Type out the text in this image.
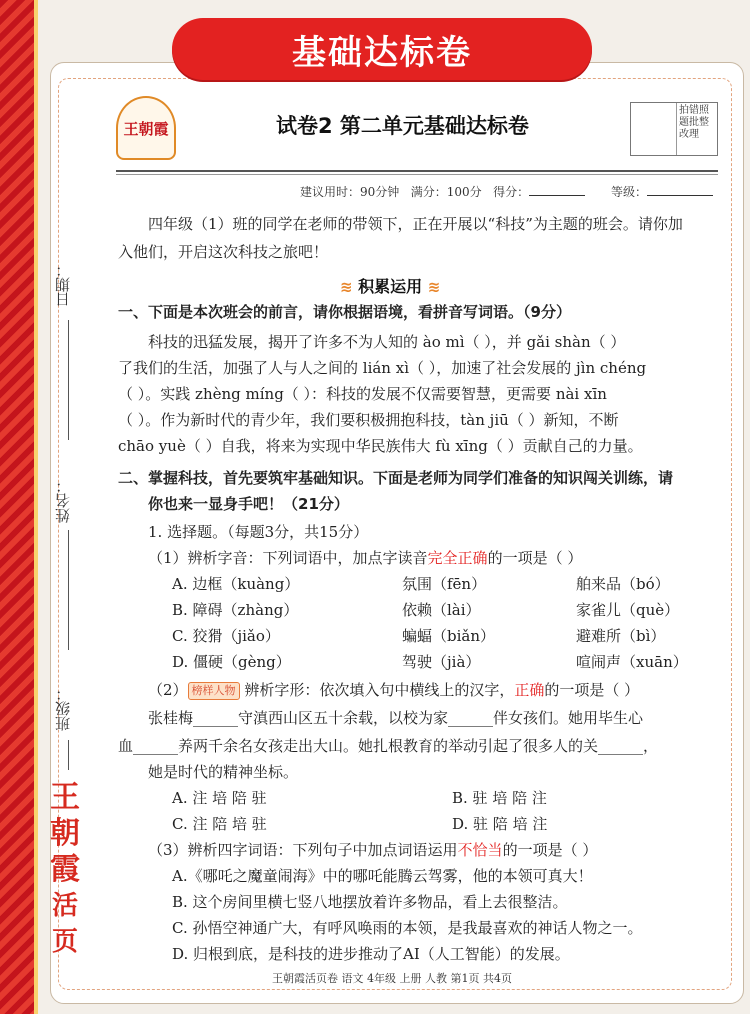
基础达标卷
日期：
姓名：
班级：
王
朝
霞
活
页
王朝霞	试卷2 第二单元基础达标卷
拍错照题批整改理
建议用时：90分钟 满分：100分 得分：	等级：
四年级（1）班的同学在老师的带领下，正在开展以“科技”为主题的班会。请你加
入他们，开启这次科技之旅吧！
≋ 积累运用 ≋
一、下面是本次班会的前言，请你根据语境，看拼音写词语。（9分）
科技的迅猛发展，揭开了许多不为人知的 ào mì（ ），并 gǎi shàn（ ）
了我们的生活，加强了人与人之间的 lián xì（ ），加速了社会发展的 jìn chéng
（ ）。实践 zhèng míng（ ）：科技的发展不仅需要智慧，更需要 nài xīn
（ ）。作为新时代的青少年，我们要积极拥抱科技，tàn jiū（ ）新知，不断
chāo yuè（ ）自我，将来为实现中华民族伟大 fù xīng（ ）贡献自己的力量。
二、掌握科技，首先要筑牢基础知识。下面是老师为同学们准备的知识闯关训练，请
你也来一显身手吧！（21分）
1. 选择题。（每题3分，共15分）
（1）辨析字音：下列词语中，加点字读音完全正确的一项是（ ）
A. 边框（kuàng）	氛围（fēn）	舶来品（bó）
B. 障碍（zhàng）	依赖（lài）	家雀儿（què）
C. 狡猾（jiǎo）	蝙蝠（biǎn）	避难所（bì）
D. 僵硬（gèng）	驾驶（jià）	喧闹声（xuān）
（2） 榜样人物 辨析字形：依次填入句中横线上的汉字，正确的一项是（ ）
张桂梅______守滇西山区五十余载，以校为家______伴女孩们。她用毕生心
血______养两千余名女孩走出大山。她扎根教育的举动引起了很多人的关______，
她是时代的精神坐标。
A. 注 培 陪 驻	B. 驻 培 陪 注
C. 注 陪 培 驻	D. 驻 陪 培 注
（3）辨析四字词语：下列句子中加点词语运用不恰当的一项是（ ）
A.《哪吒之魔童闹海》中的哪吒能腾云驾雾，他的本领可真大！
B. 这个房间里横七竖八地摆放着许多物品，看上去很整洁。
C. 孙悟空神通广大，有呼风唤雨的本领，是我最喜欢的神话人物之一。
D. 归根到底，是科技的进步推动了AI（人工智能）的发展。
王朝霞活页卷 语文 4年级 上册 人教 第1页 共4页
